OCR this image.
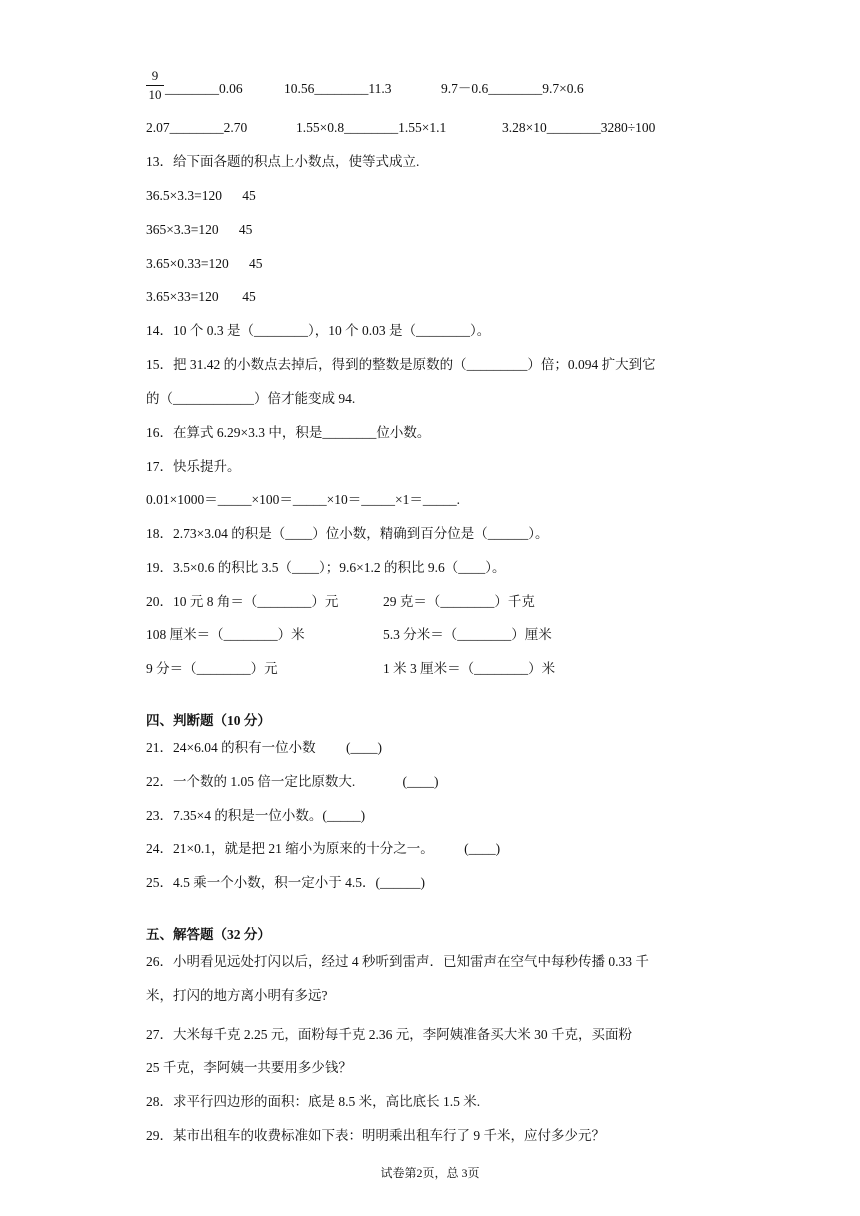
9
10 ________0.06	10.56________11.3	9.7－0.6________9.7×0.6
2.07________2.70	1.55×0.8________1.55×1.1	3.28×10________3280÷100
13．给下面各题的积点上小数点，使等式成立.
36.5×3.3=120      45
365×3.3=120      45
3.65×0.33=120      45
3.65×33=120       45
14．10 个 0.3 是（________），10 个 0.03 是（________）。
15．把 31.42 的小数点去掉后，得到的整数是原数的（_________）倍；0.094 扩大到它
的（____________）倍才能变成 94.
16．在算式 6.29×3.3 中，积是________位小数。
17．快乐提升。
0.01×1000＝_____×100＝_____×10＝_____×1＝_____.
18．2.73×3.04 的积是（____）位小数，精确到百分位是（______）。
19．3.5×0.6 的积比 3.5（____）；9.6×1.2 的积比 9.6（____）。
20．10 元 8 角＝（________）元	29 克＝（________）千克
108 厘米＝（________）米	5.3 分米＝（________）厘米
9 分＝（________）元	1 米 3 厘米＝（________）米
四、判断题（10 分）
21．24×6.04 的积有一位小数         (____)
22．一个数的 1.05 倍一定比原数大.              (____)
23．7.35×4 的积是一位小数。(_____)
24．21×0.1，就是把 21 缩小为原来的十分之一。         (____)
25．4.5 乘一个小数，积一定小于 4.5．(______)
五、解答题（32 分）
26．小明看见远处打闪以后，经过 4 秒听到雷声．已知雷声在空气中每秒传播 0.33 千
米，打闪的地方离小明有多远?
27．大米每千克 2.25 元，面粉每千克 2.36 元，李阿姨准备买大米 30 千克，买面粉
25 千克，李阿姨一共要用多少钱？
28．求平行四边形的面积：底是 8.5 米，高比底长 1.5 米.
29．某市出租车的收费标准如下表：明明乘出租车行了 9 千米，应付多少元？
试卷第2页，总 3页
